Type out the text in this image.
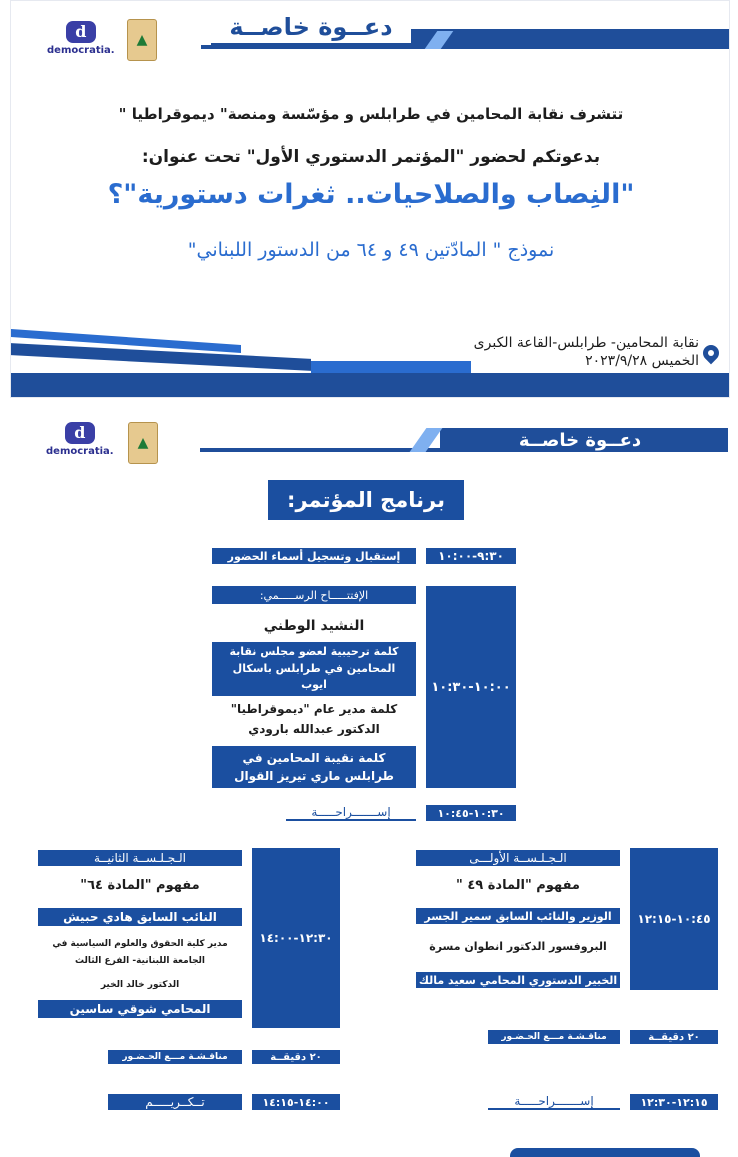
دعــوة خاصــة
d
democratia.
▲
تتشرف نقابة المحامين في طرابلس و مؤسّسة ومنصة" ديموقراطيا "
بدعوتكم لحضور "المؤتمر الدستوري الأول" تحت عنوان:
"النِصاب والصلاحيات.. ثغرات دستورية"؟
نموذج " المادّتين ٤٩ و ٦٤ من الدستور اللبناني"
نقابة المحامين- طرابلس-القاعة الكبرى
الخميس ٢٠٢٣/٩/٢٨
دعــوة خاصــة
d
democratia.
▲
برنامج المؤتمر:
٩:٣٠-١٠:٠٠
إستقبال وتسجيل أسماء الحضور
١٠:٠٠-١٠:٣٠
الإفتتـــــاح الرســـــمي:
النشيد الوطني
كلمة ترحيبية لعضو مجلس نقابة المحامين في طرابلس باسكال ايوب
كلمة مدير عام "ديموقراطيا"
الدكتور عبدالله بارودي
كلمة نقيبة المحامين في طرابلس ماري تيريز القوال
١٠:٣٠-١٠:٤٥
إســـــــراحـــــة
١٠:٤٥-١٢:١٥
الـجـلـســة الأولـــى
مفهوم "المادة ٤٩ "
الوزير والنائب السابق سمير الجسر
البروفسور الدكتور انطوان مسرة
الخبير الدستوري المحامي سعيد مالك
٢٠ دقيقــة
مناقـشـة مـــع الحـضـور
١٢:٣٠-١٤:٠٠
الـجـلـســة الثانيــة
مفهوم "المادة ٦٤"
النائب السابق هادي حبيش
مدير كلية الحقوق والعلوم السياسية في الجامعة اللبنانية- الفرع الثالث
الدكتور خالد الخير
المحامي شوقي ساسين
٢٠ دقيقــة
مناقـشـة مـــع الحـضـور
١٢:١٥-١٢:٣٠
إســـــــراحـــــة
١٤:٠٠-١٤:١٥
تــكــريـــــم
